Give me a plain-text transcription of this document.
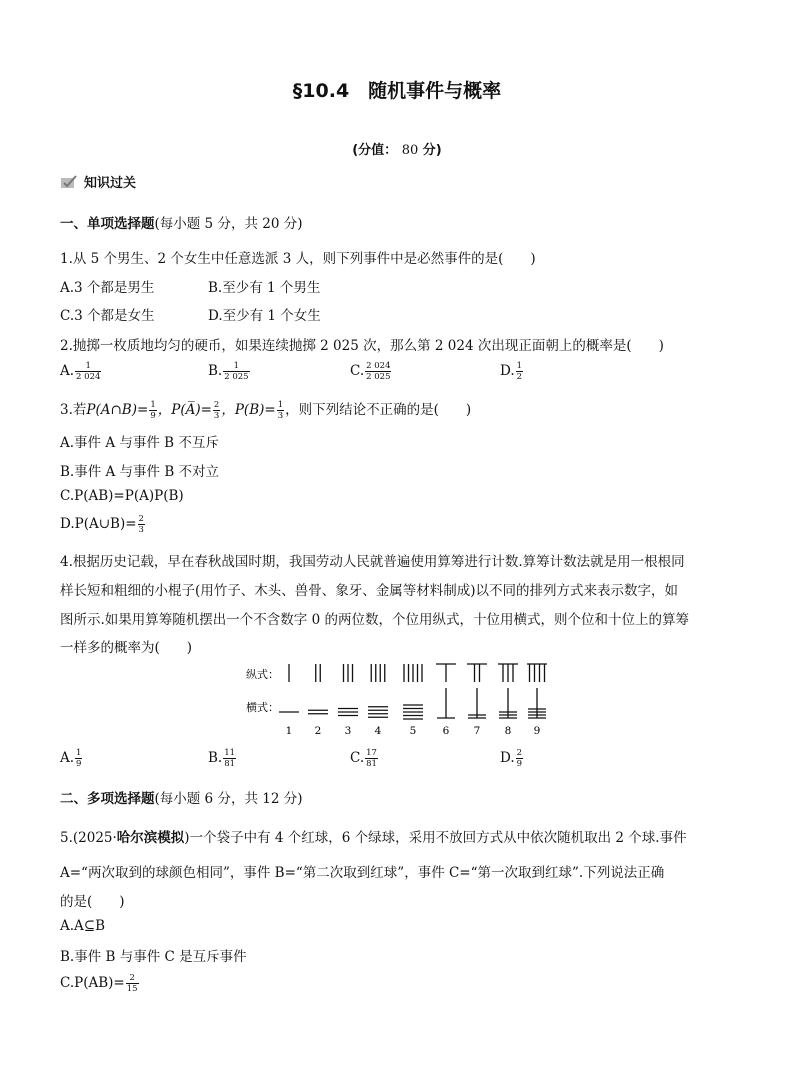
§10.4　随机事件与概率
(分值： 80 分)
知识过关
一、单项选择题(每小题 5 分，共 20 分)
1.从 5 个男生、2 个女生中任意选派 3 人，则下列事件中是必然事件的是(　　)
A.3 个都是男生	B.至少有 1 个男生
C.3 个都是女生	D.至少有 1 个女生
2.抛掷一枚质地均匀的硬币，如果连续抛掷 2 025 次，那么第 2 024 次出现正面朝上的概率是(　　)
A. $\frac{1}{2 024}$	B. $\frac{1}{2 025}$	C. $\frac{2 024}{2 025}$	D. $\frac{1}{2}$
3.若P(A∩B)= $\frac{1}{9}$ ，P(A̅)= $\frac{2}{3}$ ，$P(B)= \frac{1}{3}$ ，则下列结论不正确的是(　　)
A.事件 A 与事件 B 不互斥
B.事件 A 与事件 B 不对立
C.P(AB)=P(A)P(B)
D.P(A∪B)= $\frac{2}{3}$
4.根据历史记载，早在春秋战国时期，我国劳动人民就普遍使用算筹进行计数.算筹计数法就是用一根根同
样长短和粗细的小棍子(用竹子、木头、兽骨、象牙、金属等材料制成)以不同的排列方式来表示数字，如
图所示.如果用算筹随机摆出一个不含数字 0 的两位数，个位用纵式，十位用横式，则个位和十位上的算筹
一样多的概率为(　　)
纵式：
横式：
1 2 3 4	5	6 7 8 9
A. $\frac{1}{9}$	B. $\frac{11}{81}$	C. $\frac{17}{81}$	D. $\frac{2}{9}$
二、多项选择题(每小题 6 分，共 12 分)
5.(2025·哈尔滨模拟)一个袋子中有 4 个红球，6 个绿球，采用不放回方式从中依次随机取出 2 个球.事件
A=“两次取到的球颜色相同”，事件 B=“第二次取到红球”，事件 C=“第一次取到红球”.下列说法正确
的是(　　)
A.A⊆B
B.事件 B 与事件 C 是互斥事件
$C.P(AB)= \frac{2}{15}$
